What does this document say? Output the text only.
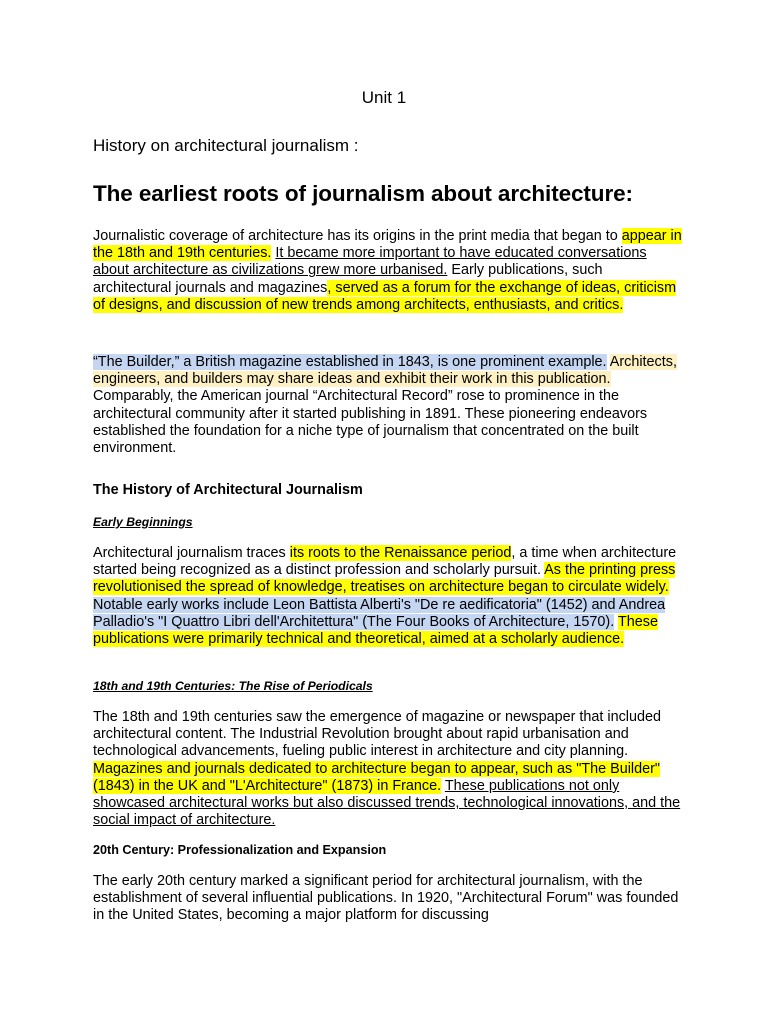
Unit 1
History on architectural journalism :
The earliest roots of journalism about architecture:
Journalistic coverage of architecture has its origins in the print media that began to appear in the 18th and 19th centuries. It became more important to have educated conversations about architecture as civilizations grew more urbanised. Early publications, such architectural journals and magazines, served as a forum for the exchange of ideas, criticism of designs, and discussion of new trends among architects, enthusiasts, and critics.
“The Builder,” a British magazine established in 1843, is one prominent example. Architects, engineers, and builders may share ideas and exhibit their work in this publication. Comparably, the American journal “Architectural Record” rose to prominence in the architectural community after it started publishing in 1891. These pioneering endeavors established the foundation for a niche type of journalism that concentrated on the built environment.
The History of Architectural Journalism
Early Beginnings
Architectural journalism traces its roots to the Renaissance period, a time when architecture started being recognized as a distinct profession and scholarly pursuit. As the printing press revolutionised the spread of knowledge, treatises on architecture began to circulate widely. Notable early works include Leon Battista Alberti's "De re aedificatoria" (1452) and Andrea Palladio's "I Quattro Libri dell'Architettura" (The Four Books of Architecture, 1570). These publications were primarily technical and theoretical, aimed at a scholarly audience.
18th and 19th Centuries: The Rise of Periodicals
The 18th and 19th centuries saw the emergence of magazine or newspaper that included architectural content. The Industrial Revolution brought about rapid urbanisation and technological advancements, fueling public interest in architecture and city planning. Magazines and journals dedicated to architecture began to appear, such as "The Builder" (1843) in the UK and "L'Architecture" (1873) in France. These publications not only showcased architectural works but also discussed trends, technological innovations, and the social impact of architecture.
20th Century: Professionalization and Expansion
The early 20th century marked a significant period for architectural journalism, with the establishment of several influential publications. In 1920, "Architectural Forum" was founded in the United States, becoming a major platform for discussing
